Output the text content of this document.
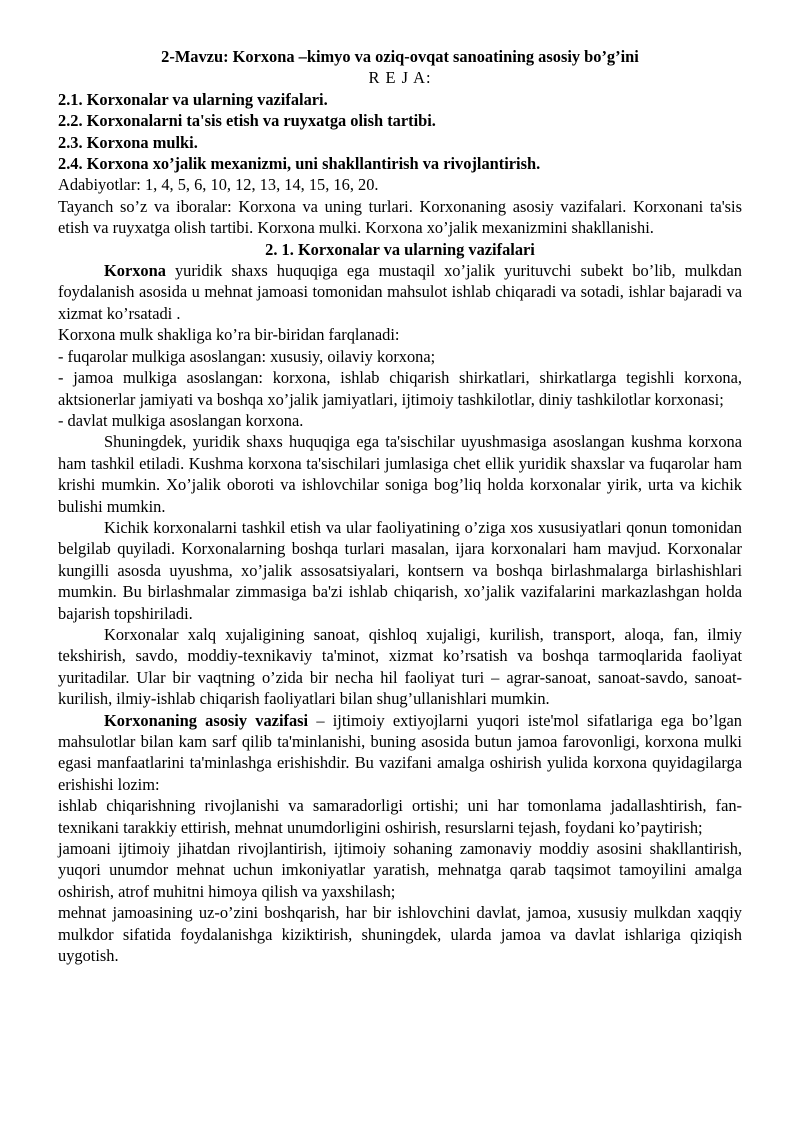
2-Mavzu: Korxona –kimyo va oziq-ovqat sanoatining asosiy bo’g’ini

R E J A:

2.1. Korxonalar va ularning vazifalari.

2.2. Korxonalarni ta'sis etish va ruyxatga olish tartibi.

2.3. Korxona mulki.

2.4. Korxona xo’jalik mexanizmi, uni shakllantirish va rivojlantirish.

Adabiyotlar: 1, 4, 5, 6, 10, 12, 13, 14, 15, 16, 20.

Tayanch so’z va iboralar: Korxona va uning turlari. Korxonaning asosiy vazifalari. Korxonani ta'sis etish va ruyxatga olish tartibi. Korxona mulki. Korxona xo’jalik mexanizmini shakllanishi.

2. 1. Korxonalar va ularning vazifalari

Korxona yuridik shaxs huquqiga ega mustaqil xo’jalik yurituvchi subekt bo’lib, mulkdan foydalanish asosida u mehnat jamoasi tomonidan mahsulot ishlab chiqaradi va sotadi, ishlar bajaradi va xizmat ko’rsatadi .

Korxona mulk shakliga ko’ra bir-biridan farqlanadi:

- fuqarolar mulkiga asoslangan: xususiy, oilaviy korxona;

- jamoa mulkiga asoslangan: korxona, ishlab chiqarish shirkatlari, shirkatlarga tegishli korxona, aktsionerlar jamiyati va boshqa xo’jalik jamiyatlari, ijtimoiy tashkilotlar, diniy tashkilotlar korxonasi;

- davlat mulkiga asoslangan korxona.

Shuningdek, yuridik shaxs huquqiga ega ta'sischilar uyushmasiga asoslangan kushma korxona ham tashkil etiladi. Kushma korxona ta'sischilari jumlasiga chet ellik yuridik shaxslar va fuqarolar ham krishi mumkin. Xo’jalik oboroti va ishlovchilar soniga bog’liq holda korxonalar yirik, urta va kichik bulishi mumkin.

Kichik korxonalarni tashkil etish va ular faoliyatining o’ziga xos xususiyatlari qonun tomonidan belgilab quyiladi. Korxonalarning boshqa turlari masalan, ijara korxonalari ham mavjud. Korxonalar kungilli asosda uyushma, xo’jalik assosatsiyalari, kontsern va boshqa birlashmalarga birlashishlari mumkin. Bu birlashmalar zimmasiga ba'zi ishlab chiqarish, xo’jalik vazifalarini markazlashgan holda bajarish topshiriladi.

Korxonalar xalq xujaligining sanoat, qishloq xujaligi, kurilish, transport, aloqa, fan, ilmiy tekshirish, savdo, moddiy-texnikaviy ta'minot, xizmat ko’rsatish va boshqa tarmoqlarida faoliyat yuritadilar. Ular bir vaqtning o’zida bir necha hil faoliyat turi – agrar-sanoat, sanoat-savdo, sanoat-kurilish, ilmiy-ishlab chiqarish faoliyatlari bilan shug’ullanishlari mumkin.

Korxonaning asosiy vazifasi – ijtimoiy extiyojlarni yuqori iste'mol sifatlariga ega bo’lgan mahsulotlar bilan kam sarf qilib ta'minlanishi, buning asosida butun jamoa farovonligi, korxona mulki egasi manfaatlarini ta'minlashga erishishdir. Bu vazifani amalga oshirish yulida korxona quyidagilarga erishishi lozim:

ishlab chiqarishning rivojlanishi va samaradorligi ortishi; uni har tomonlama jadallashtirish, fan-texnikani tarakkiy ettirish, mehnat unumdorligini oshirish, resurslarni tejash, foydani ko’paytirish;

jamoani ijtimoiy jihatdan rivojlantirish, ijtimoiy sohaning zamonaviy moddiy asosini shakllantirish, yuqori unumdor mehnat uchun imkoniyatlar yaratish, mehnatga qarab taqsimot tamoyilini amalga oshirish, atrof muhitni himoya qilish va yaxshilash;

mehnat jamoasining uz-o’zini boshqarish, har bir ishlovchini davlat, jamoa, xususiy mulkdan xaqqiy mulkdor sifatida foydalanishga kiziktirish, shuningdek, ularda jamoa va davlat ishlariga qiziqish uygotish.
